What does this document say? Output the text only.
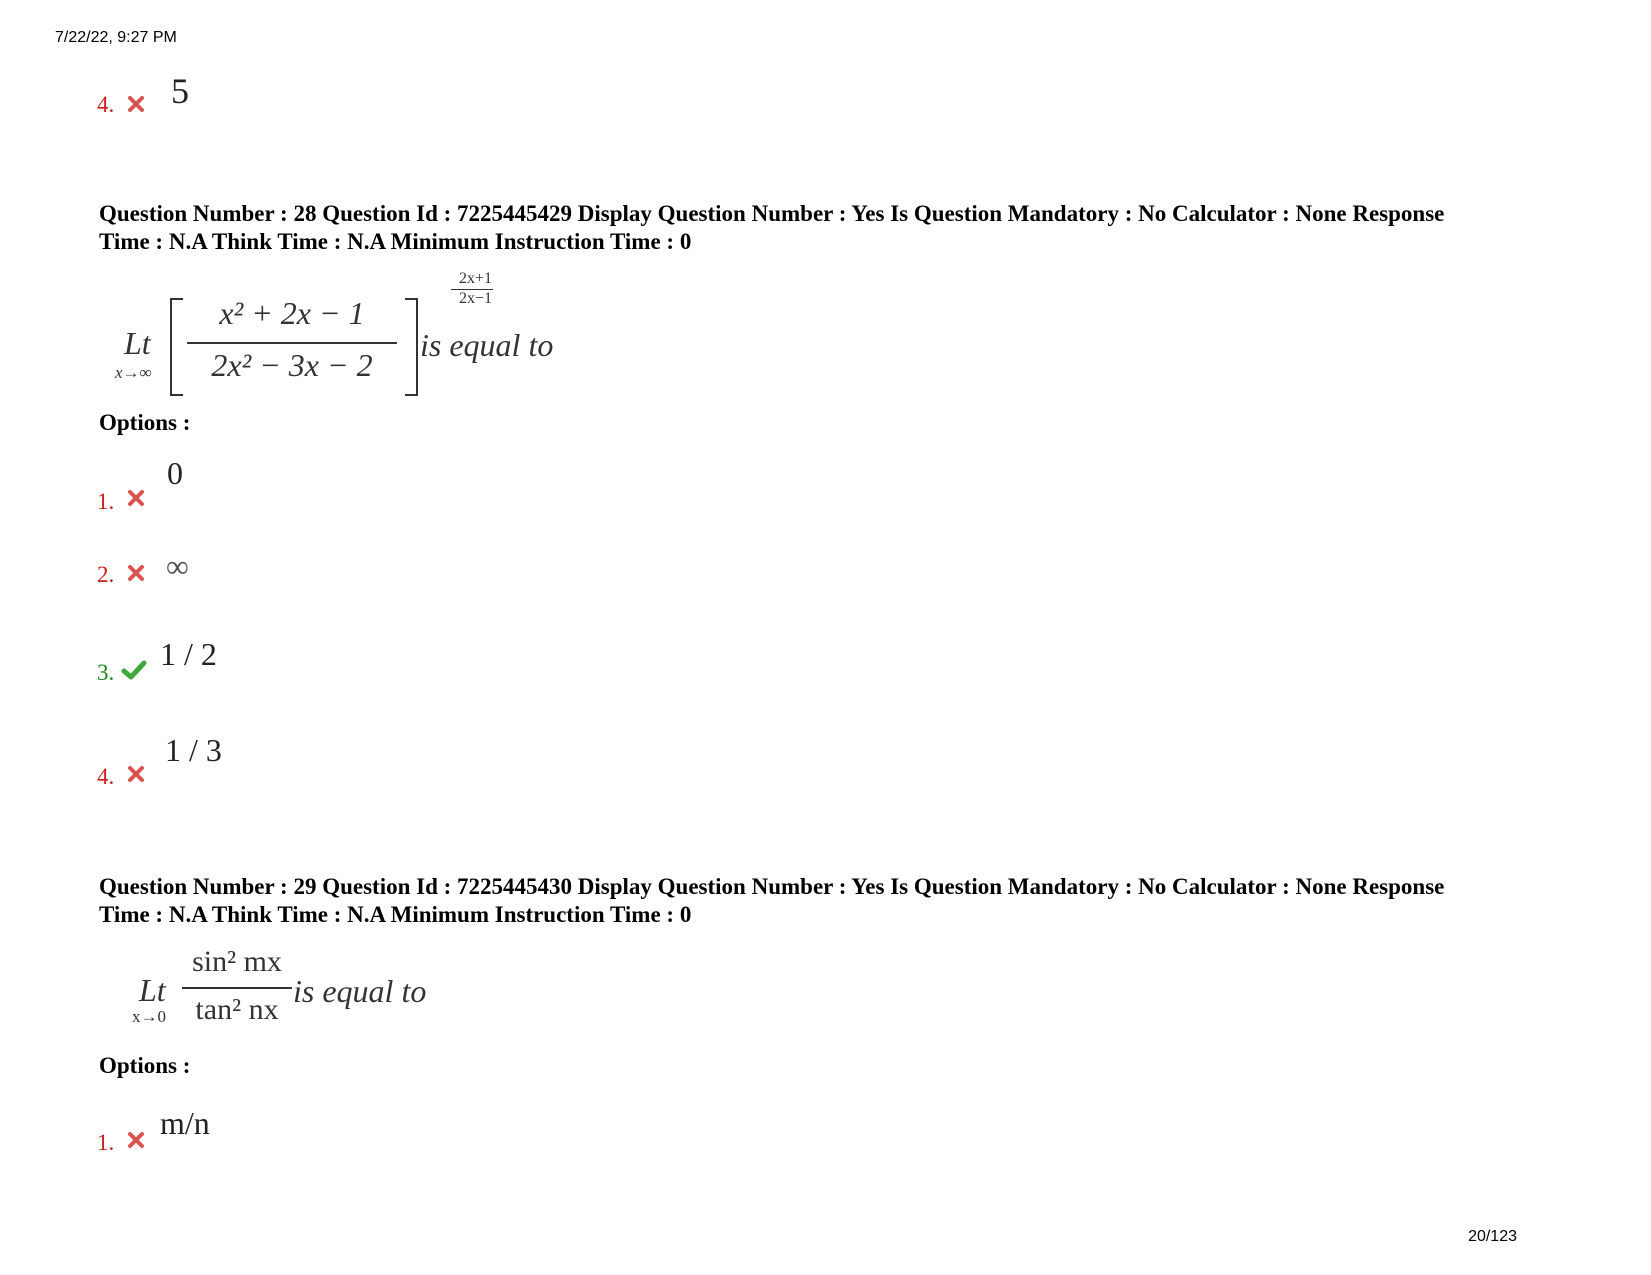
7/22/22, 9:27 PM
20/123
4. 5
Question Number : 28 Question Id : 7225445429 Display Question Number : Yes Is Question Mandatory : No Calculator : None Response
Time : N.A Think Time : N.A Minimum Instruction Time : 0
Lt
x→∞
x² + 2x − 1
2x² − 3x − 2
2x+1
2x−1
is equal to
Options :
1.
0
2. ∞
3.
1 / 2
4.
1 / 3
Question Number : 29 Question Id : 7225445430 Display Question Number : Yes Is Question Mandatory : No Calculator : None Response
Time : N.A Think Time : N.A Minimum Instruction Time : 0
Lt
x→0
sin² mx
tan² nx
is equal to
Options :
1.
m/n
